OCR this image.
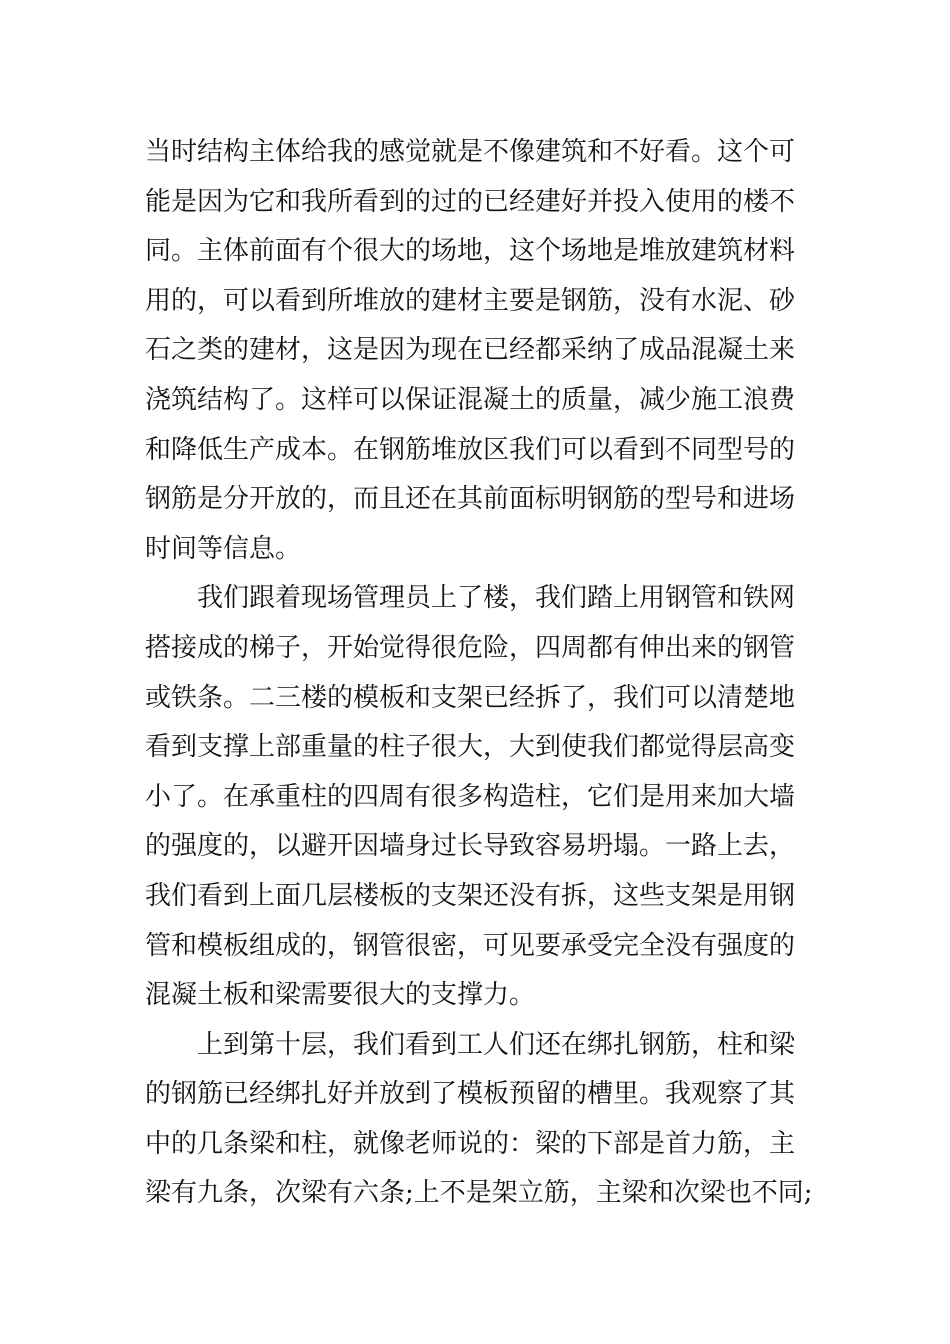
当时结构主体给我的感觉就是不像建筑和不好看。这个可
能是因为它和我所看到的过的已经建好并投入使用的楼不
同。主体前面有个很大的场地，这个场地是堆放建筑材料
用的，可以看到所堆放的建材主要是钢筋，没有水泥、砂
石之类的建材，这是因为现在已经都采纳了成品混凝土来
浇筑结构了。这样可以保证混凝土的质量，减少施工浪费
和降低生产成本。在钢筋堆放区我们可以看到不同型号的
钢筋是分开放的，而且还在其前面标明钢筋的型号和进场
时间等信息。
我们跟着现场管理员上了楼，我们踏上用钢管和铁网
搭接成的梯子，开始觉得很危险，四周都有伸出来的钢管
或铁条。二三楼的模板和支架已经拆了，我们可以清楚地
看到支撑上部重量的柱子很大，大到使我们都觉得层高变
小了。在承重柱的四周有很多构造柱，它们是用来加大墙
的强度的，以避开因墙身过长导致容易坍塌。一路上去，
我们看到上面几层楼板的支架还没有拆，这些支架是用钢
管和模板组成的，钢管很密，可见要承受完全没有强度的
混凝土板和梁需要很大的支撑力。
上到第十层，我们看到工人们还在绑扎钢筋，柱和梁
的钢筋已经绑扎好并放到了模板预留的槽里。我观察了其
中的几条梁和柱，就像老师说的：梁的下部是首力筋，主
梁有九条，次梁有六条;上不是架立筋，主梁和次梁也不同;
